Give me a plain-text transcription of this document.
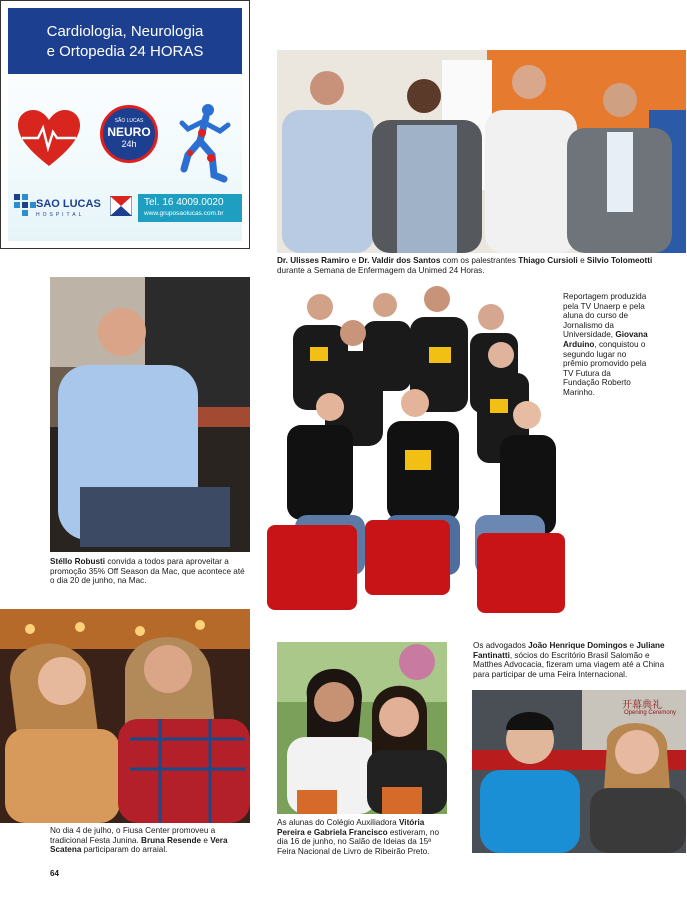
Cardiologia, Neurologia
e Ortopedia 24 HORAS
SÃO LUCAS
NEURO
24h
SAO LUCAS
HOSPITAL
Tel. 16 4009.0020
www.gruposaolucas.com.br
Dr. Ulisses Ramiro e Dr. Valdir dos Santos com os palestrantes Thiago Cursioli e Silvio Tolomeotti durante a Semana de Enfermagem da Unimed 24 Horas.
Stéllo Robusti convida a todos para aproveitar a promoção 35% Off Season da Mac, que acontece até o dia 20 de junho, na Mac.
Reportagem produzida pela TV Unaerp e pela aluna do curso de Jornalismo da Universidade, Giovana Arduino, conquistou o segundo lugar no prêmio promovido pela TV Futura da Fundação Roberto Marinho.
No dia 4 de julho, o Fiusa Center promoveu a tradicional Festa Junina. Bruna Resende e Vera Scatena participaram do arraial.
As alunas do Colégio Auxiliadora Vitória Pereira e Gabriela Francisco estiveram, no dia 16 de junho, no Salão de Ideias da 15ª Feira Nacional de Livro de Ribeirão Preto.
Os advogados João Henrique Domingos e Juliane Fantinatti, sócios do Escritório Brasil Salomão e Matthes Advocacia, fizeram uma viagem até a China para participar de uma Feira Internacional.
开幕典礼
Opening Ceremony
64
